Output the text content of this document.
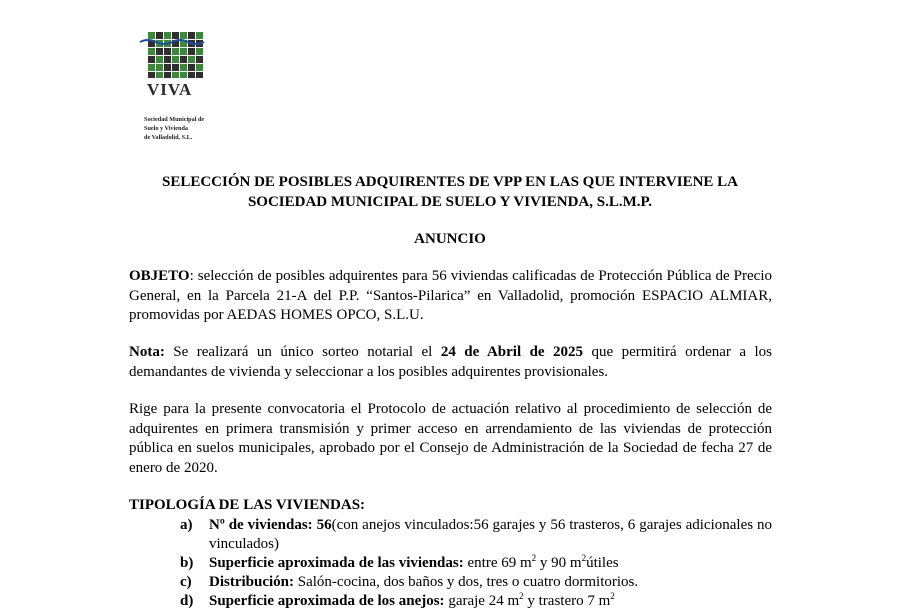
VIVA
Sociedad Municipal de
Suelo y Vivienda
de Valladolid, S.L.
SELECCIÓN DE POSIBLES ADQUIRENTES DE VPP EN LAS QUE INTERVIENE LA
SOCIEDAD MUNICIPAL DE SUELO Y VIVIENDA, S.L.M.P.
ANUNCIO
OBJETO: selección de posibles adquirentes para 56 viviendas calificadas de Protección Pública de Precio General, en la Parcela 21-A del P.P. “Santos-Pilarica” en Valladolid, promoción ESPACIO ALMIAR, promovidas por AEDAS HOMES OPCO, S.L.U.
Nota: Se realizará un único sorteo notarial el 24 de Abril de 2025 que permitirá ordenar a los demandantes de vivienda y seleccionar a los posibles adquirentes provisionales.
Rige para la presente convocatoria el Protocolo de actuación relativo al procedimiento de selección de adquirentes en primera transmisión y primer acceso en arrendamiento de las viviendas de protección pública en suelos municipales, aprobado por el Consejo de Administración de la Sociedad de fecha 27 de enero de 2020.
TIPOLOGÍA DE LAS VIVIENDAS:
a) Nº de viviendas: 56(con anejos vinculados:56 garajes y 56 trasteros, 6 garajes adicionales no vinculados)
b) Superficie aproximada de las viviendas: entre 69 $m^2$ y 90 $m^2útiles$
c) Distribución: Salón-cocina, dos baños y dos, tres o cuatro dormitorios.
d) Superficie aproximada de los anejos: garaje 24 $m^2$ y trastero 7 $m^2$
